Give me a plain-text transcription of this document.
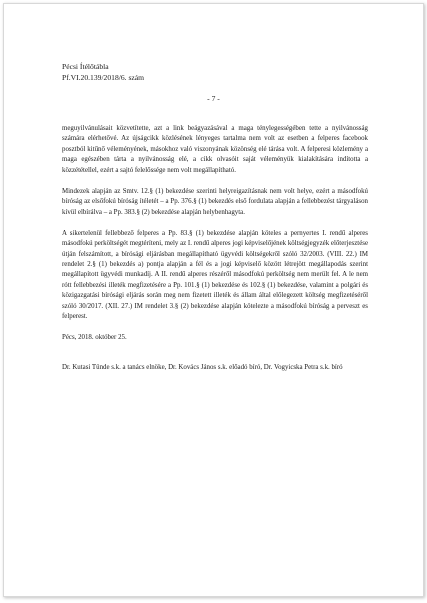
Pécsi Ítélőtábla
Pf.VI.20.139/2018/6. szám
- 7 -

meguyilvánulásait közvetítette, azt a link beágyazásával a maga ténylegességében tette a nyilvánosság számára elérhetővé. Az újságcikk közlésének lényeges tartalma nem volt az esetben a felperes facebook posztból kitűnő véleményének, másokhoz való viszonyának közönség elé tárása volt. A felperesi közlemény a maga egészében tárta a nyilvánosság elé, a cikk olvasóit saját véleményük kialakítására indította a közzététellel, ezért a sajtó felelőssége nem volt megállapítható.

Mindezek alapján az Smtv. 12.§ (1) bekezdése szerinti helyreigazításnak nem volt helye, ezért a másodfokú bíróság az elsőfokú bíróság ítéletét – a Pp. 376.§ (1) bekezdés első fordulata alapján a fellebbezést tárgyaláson kívül elbírálva – a Pp. 383.§ (2) bekezdése alapján helybenhagyta.

A sikertelenül fellebbező felperes a Pp. 83.§ (1) bekezdése alapján köteles a pernyertes I. rendű alperes másodfokú perköltségét megtéríteni, mely az I. rendű alperes jogi képviselőjének költségjegyzék előterjesztése útján felszámított, a bírósági eljárásban megállapítható ügyvédi költségekről szóló 32/2003. (VIII. 22.) IM rendelet 2.§ (1) bekezdés a) pontja alapján a fél és a jogi képviselő között létrejött megállapodás szerint megállapított ügyvédi munkadíj. A II. rendű alperes részéről másodfokú perköltség nem merült fel. A le nem rótt fellebbezési illeték megfizetésére a Pp. 101.§ (1) bekezdése és 102.§ (1) bekezdése, valamint a polgári és közigazgatási bírósági eljárás során meg nem fizetett illeték és állam által előlegezett költség megfizetéséről szóló 30/2017. (XII. 27.) IM rendelet 3.§ (2) bekezdése alapján kötelezte a másodfokú bíróság a perveszt es felperest.

Pécs, 2018. október 25.

Dr. Kutasi Tünde s.k. a tanács elnöke, Dr. Kovács János s.k. előadó bíró, Dr. Vogyicska Petra s.k. bíró
